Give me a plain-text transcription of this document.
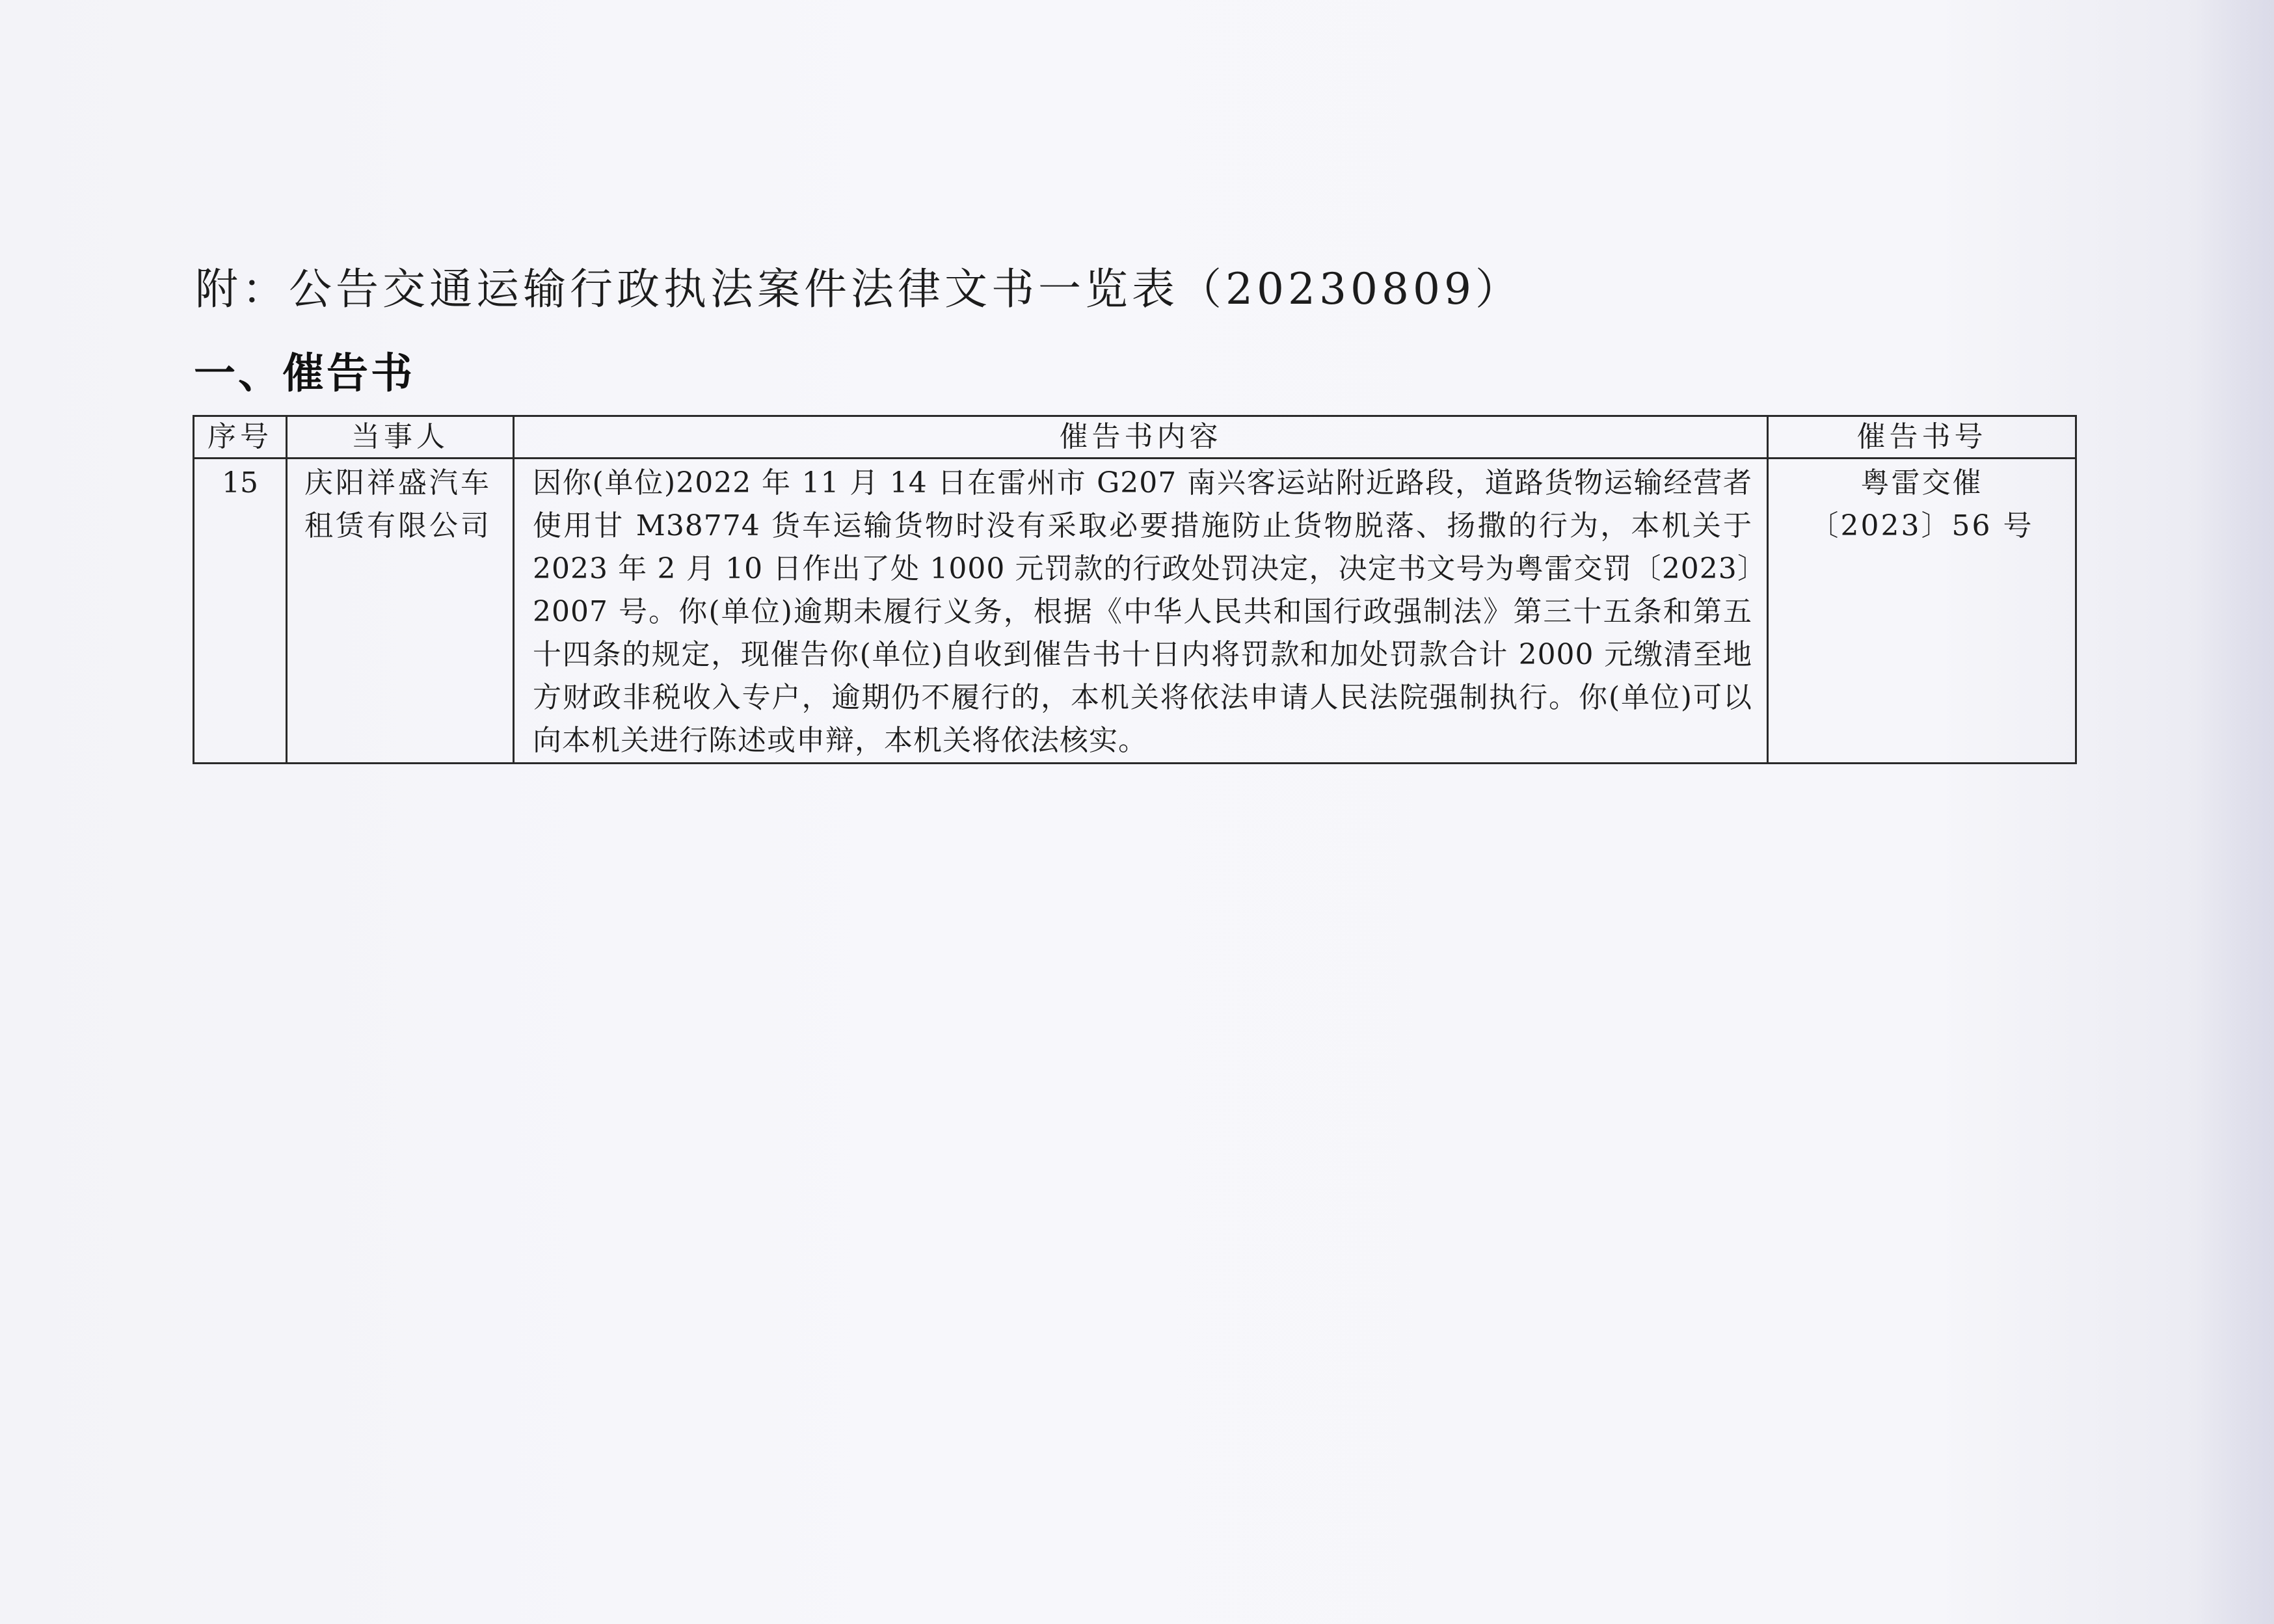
附：公告交通运输行政执法案件法律文书一览表（20230809）
一、催告书
序号	当事人	催告书内容	催告书号
15	庆阳祥盛汽车租赁有限公司	因你(单位)2022 年 11 月 14 日在雷州市 G207 南兴客运站附近路段，道路货物运输经营者使用甘 M38774 货车运输货物时没有采取必要措施防止货物脱落、扬撒的行为，本机关于 2023 年 2 月 10 日作出了处 1000 元罚款的行政处罚决定，决定书文号为粤雷交罚〔2023〕2007 号。你(单位)逾期未履行义务，根据《中华人民共和国行政强制法》第三十五条和第五十四条的规定，现催告你(单位)自收到催告书十日内将罚款和加处罚款合计 2000 元缴清至地方财政非税收入专户，逾期仍不履行的，本机关将依法申请人民法院强制执行。你(单位)可以向本机关进行陈述或申辩，本机关将依法核实。	粤雷交催
〔2023〕56 号
